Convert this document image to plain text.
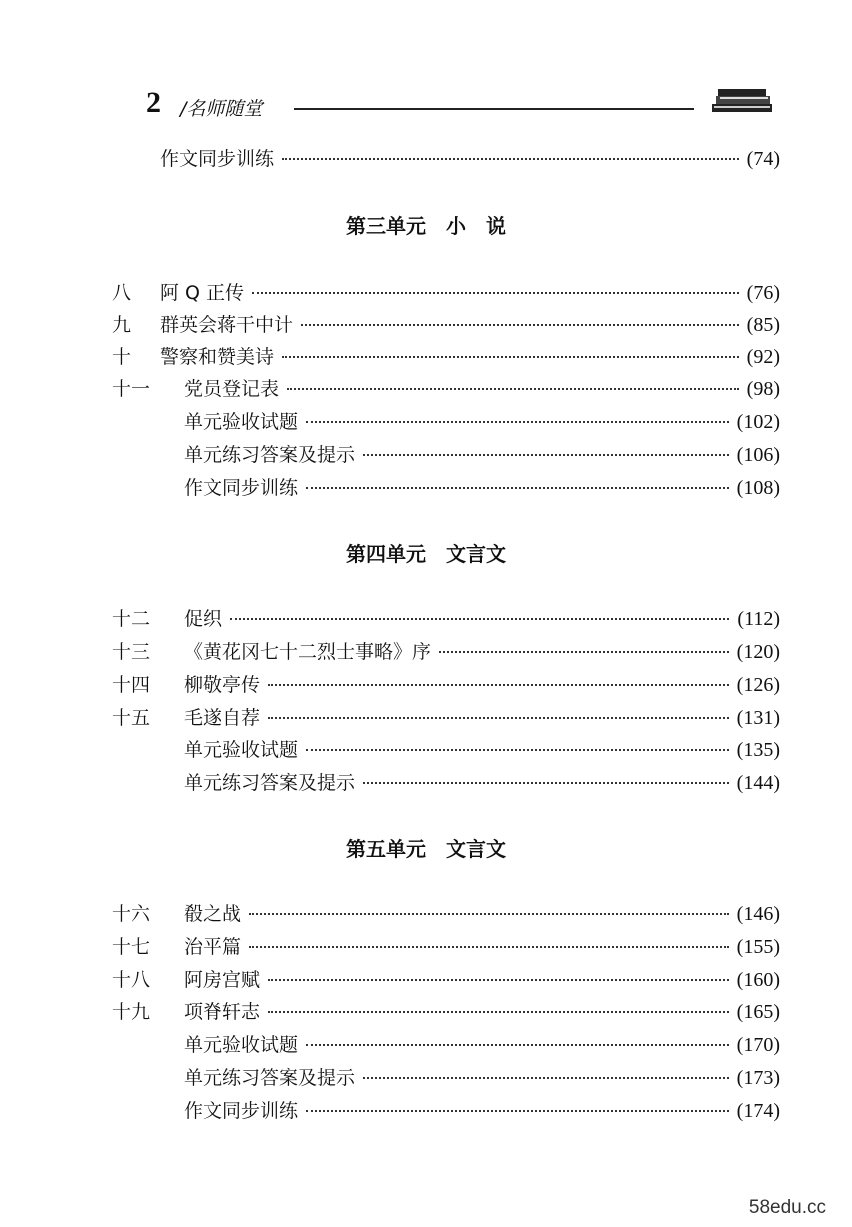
2 /名师随堂
作文同步训练	(74)
第三单元　小　说
八	阿 Q 正传	(76)
九	群英会蒋干中计	(85)
十	警察和赞美诗	(92)
十一	党员登记表	(98)
单元验收试题	(102)
单元练习答案及提示	(106)
作文同步训练	(108)
第四单元　文言文
十二	促织	(112)
十三	《黄花冈七十二烈士事略》序	(120)
十四	柳敬亭传	(126)
十五	毛遂自荐	(131)
单元验收试题	(135)
单元练习答案及提示	(144)
第五单元　文言文
十六	殽之战	(146)
十七	治平篇	(155)
十八	阿房宫赋	(160)
十九	项脊轩志	(165)
单元验收试题	(170)
单元练习答案及提示	(173)
作文同步训练	(174)
58edu.cc
